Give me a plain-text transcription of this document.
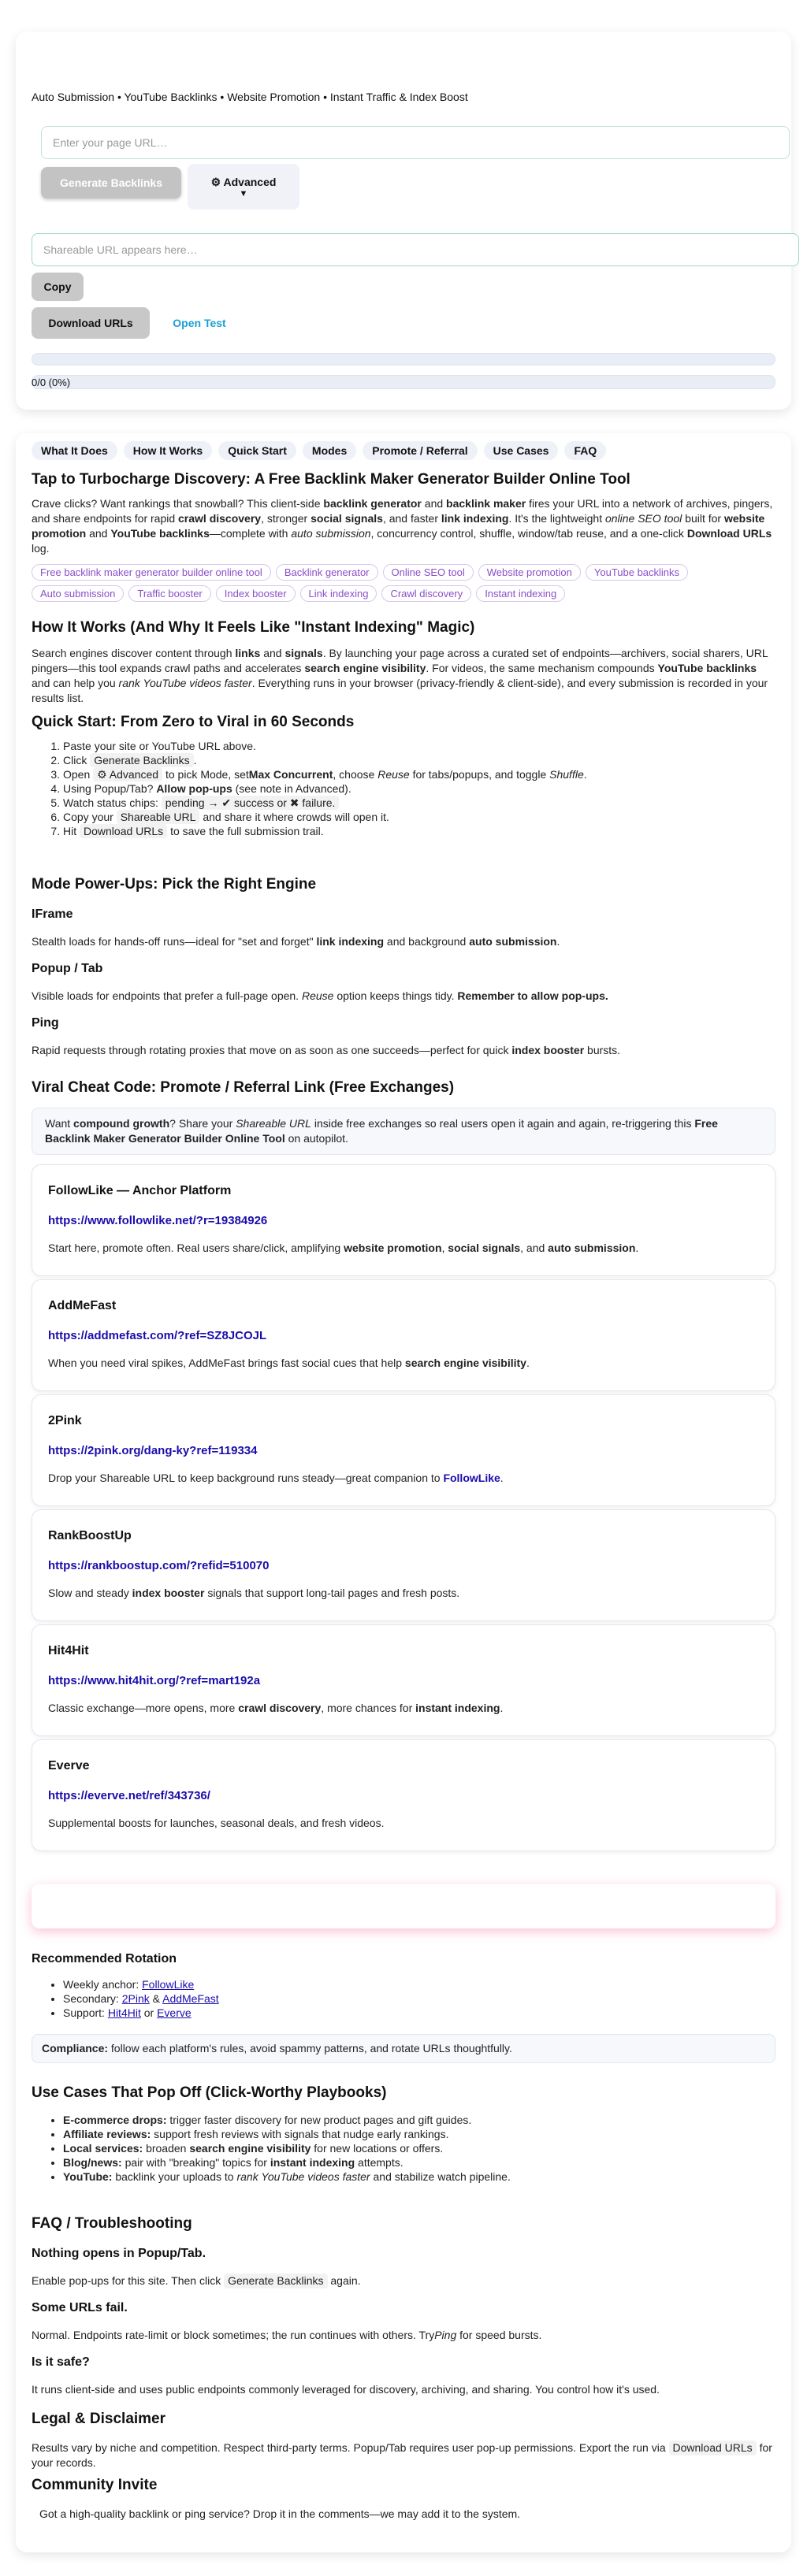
Auto Submission • YouTube Backlinks • Website Promotion • Instant Traffic & Index Boost
Enter your page URL…
Generate Backlinks	⚙ Advanced
▼
Shareable URL appears here…
Copy
Download URLs	Open Test
0/0 (0%)
What It Does	How It Works	Quick Start	Modes	Promote / Referral	Use Cases	FAQ
Tap to Turbocharge Discovery: A Free Backlink Maker Generator Builder Online Tool

Crave clicks? Want rankings that snowball? This client-side backlink generator and backlink maker fires your URL into a network of archives, pingers, and share endpoints for rapid crawl discovery, stronger social signals, and faster link indexing. It's the lightweight online SEO tool built for website promotion and YouTube backlinks—complete with auto submission, concurrency control, shuffle, window/tab reuse, and a one-click Download URLs log.

Free backlink maker generator builder online tool	Backlink generator	Online SEO tool	Website promotion	YouTube backlinks
Auto submission	Traffic booster	Index booster	Link indexing	Crawl discovery	Instant indexing
How It Works (And Why It Feels Like "Instant Indexing" Magic)

Search engines discover content through links and signals. By launching your page across a curated set of endpoints—archivers, social sharers, URL pingers—this tool expands crawl paths and accelerates search engine visibility. For videos, the same mechanism compounds YouTube backlinks and can help you rank YouTube videos faster. Everything runs in your browser (privacy-friendly & client-side), and every submission is recorded in your results list.

Quick Start: From Zero to Viral in 60 Seconds
1. Paste your site or YouTube URL above.
2. Click Generate Backlinks .
3. Open ⚙ Advanced to pick Mode, setMax Concurrent, choose Reuse for tabs/popups, and toggle Shuffle.
4. Using Popup/Tab? Allow pop-ups (see note in Advanced).
5. Watch status chips: pending → ✔ success or ✖ failure.
6. Copy your Shareable URL and share it where crowds will open it.
7. Hit Download URLs to save the full submission trail.
Mode Power-Ups: Pick the Right Engine
IFrame

Stealth loads for hands-off runs—ideal for "set and forget" link indexing and background auto submission.

Popup / Tab

Visible loads for endpoints that prefer a full-page open. Reuse option keeps things tidy. Remember to allow pop-ups.

Ping

Rapid requests through rotating proxies that move on as soon as one succeeds—perfect for quick index booster bursts.

Viral Cheat Code: Promote / Referral Link (Free Exchanges)
Want compound growth? Share your Shareable URL inside free exchanges so real users open it again and again, re-triggering this Free Backlink Maker Generator Builder Online Tool on autopilot.
FollowLike — Anchor Platform
https://www.followlike.net/?r=19384926

Start here, promote often. Real users share/click, amplifying website promotion, social signals, and auto submission.

AddMeFast
https://addmefast.com/?ref=SZ8JCOJL

When you need viral spikes, AddMeFast brings fast social cues that help search engine visibility.

2Pink
https://2pink.org/dang-ky?ref=119334

Drop your Shareable URL to keep background runs steady—great companion to FollowLike.

RankBoostUp
https://rankboostup.com/?refid=510070

Slow and steady index booster signals that support long-tail pages and fresh posts.

Hit4Hit
https://www.hit4hit.org/?ref=mart192a

Classic exchange—more opens, more crawl discovery, more chances for instant indexing.

Everve
https://everve.net/ref/343736/

Supplemental boosts for launches, seasonal deals, and fresh videos.

Recommended Rotation
• Weekly anchor: FollowLike
• Secondary: 2Pink & AddMeFast
• Support: Hit4Hit or Everve
Compliance: follow each platform's rules, avoid spammy patterns, and rotate URLs thoughtfully.
Use Cases That Pop Off (Click-Worthy Playbooks)
• E-commerce drops: trigger faster discovery for new product pages and gift guides.
• Affiliate reviews: support fresh reviews with signals that nudge early rankings.
• Local services: broaden search engine visibility for new locations or offers.
• Blog/news: pair with "breaking" topics for instant indexing attempts.
• YouTube: backlink your uploads to rank YouTube videos faster and stabilize watch pipeline.
FAQ / Troubleshooting
Nothing opens in Popup/Tab.

Enable pop-ups for this site. Then click Generate Backlinks again.

Some URLs fail.

Normal. Endpoints rate-limit or block sometimes; the run continues with others. TryPing for speed bursts.

Is it safe?

It runs client-side and uses public endpoints commonly leveraged for discovery, archiving, and sharing. You control how it's used.

Legal & Disclaimer

Results vary by niche and competition. Respect third-party terms. Popup/Tab requires user pop-up permissions. Export the run via Download URLs for your records.

Community Invite

Got a high-quality backlink or ping service? Drop it in the comments—we may add it to the system.
